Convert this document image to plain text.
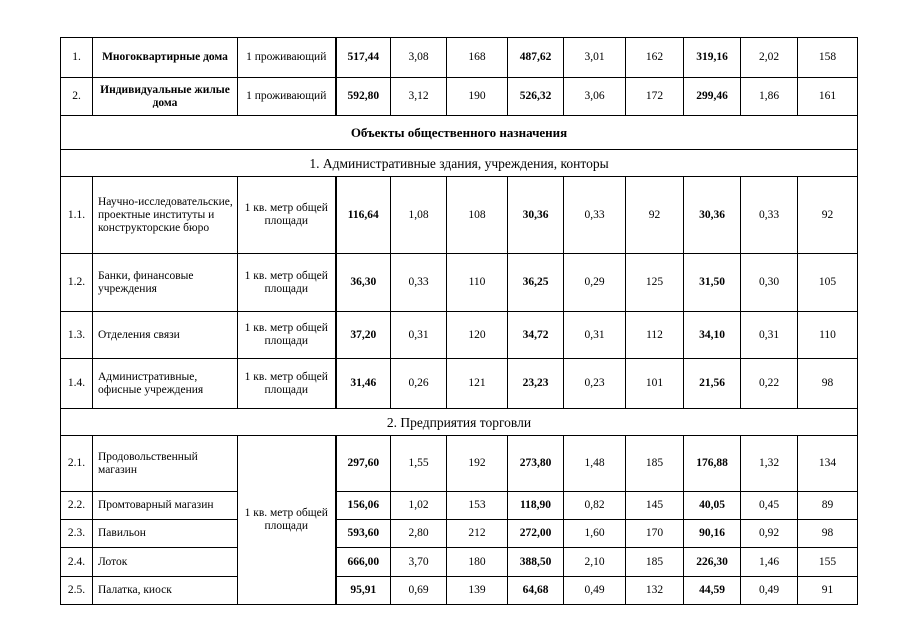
1.	Многоквартирные дома	1 проживающий	517,44	3,08	168	487,62	3,01	162	319,16	2,02	158
2.	Индивидуальные жилые дома	1 проживающий	592,80	3,12	190	526,32	3,06	172	299,46	1,86	161
Объекты общественного назначения											
1. Административные здания, учреждения, конторы											
1.1.	Научно-исследовательские, проектные институты и конструкторские бюро	1 кв. метр общей площади	116,64	1,08	108	30,36	0,33	92	30,36	0,33	92
1.2.	Банки, финансовые учреждения	1 кв. метр общей площади	36,30	0,33	110	36,25	0,29	125	31,50	0,30	105
1.3.	Отделения связи	1 кв. метр общей площади	37,20	0,31	120	34,72	0,31	112	34,10	0,31	110
1.4.	Административные, офисные учреждения	1 кв. метр общей площади	31,46	0,26	121	23,23	0,23	101	21,56	0,22	98
2. Предприятия торговли											
2.1.	Продовольственный магазин	1 кв. метр общей площади	297,60	1,55	192	273,80	1,48	185	176,88	1,32	134
2.2.	Промтоварный магазин		156,06	1,02	153	118,90	0,82	145	40,05	0,45	89
2.3.	Павильон		593,60	2,80	212	272,00	1,60	170	90,16	0,92	98
2.4.	Лоток		666,00	3,70	180	388,50	2,10	185	226,30	1,46	155
2.5.	Палатка, киоск		95,91	0,69	139	64,68	0,49	132	44,59	0,49	91
